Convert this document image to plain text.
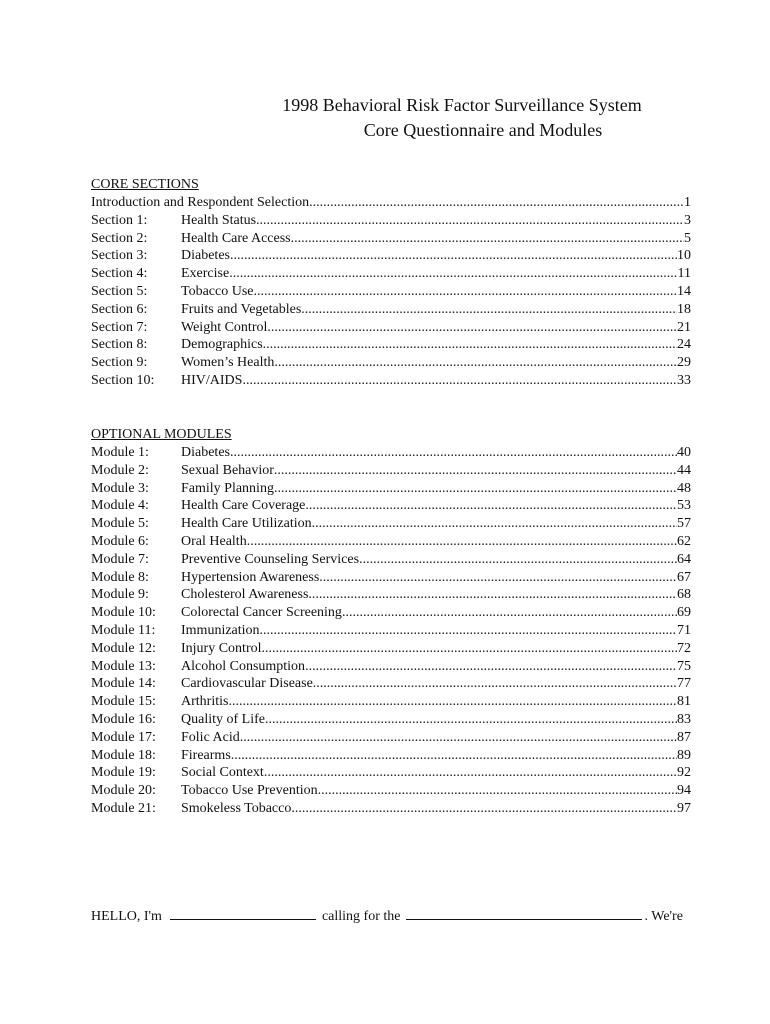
1998 Behavioral Risk Factor Surveillance System
Core Questionnaire and Modules
CORE SECTIONS
Introduction and Respondent Selection .....	1
Section 1:	Health Status .....	3
Section 2:	Health Care Access .....	5
Section 3:	Diabetes .....	10
Section 4:	Exercise .....	11
Section 5:	Tobacco Use .....	14
Section 6:	Fruits and Vegetables .....	18
Section 7:	Weight Control .....	21
Section 8:	Demographics .....	24
Section 9:	Women’s Health .....	29
Section 10:	HIV/AIDS .....	33
OPTIONAL MODULES
Module 1:	Diabetes .....	40
Module 2:	Sexual Behavior .....	44
Module 3:	Family Planning .....	48
Module 4:	Health Care Coverage .....	53
Module 5:	Health Care Utilization .....	57
Module 6:	Oral Health .....	62
Module 7:	Preventive Counseling Services .....	64
Module 8:	Hypertension Awareness .....	67
Module 9:	Cholesterol Awareness .....	68
Module 10:	Colorectal Cancer Screening .....	69
Module 11:	Immunization .....	71
Module 12:	Injury Control .....	72
Module 13:	Alcohol Consumption .....	75
Module 14:	Cardiovascular Disease .....	77
Module 15:	Arthritis .....	81
Module 16:	Quality of Life .....	83
Module 17:	Folic Acid .....	87
Module 18:	Firearms .....	89
Module 19:	Social Context .....	92
Module 20:	Tobacco Use Prevention .....	94
Module 21:	Smokeless Tobacco .....	97
HELLO, I'm	calling for the	. We're
